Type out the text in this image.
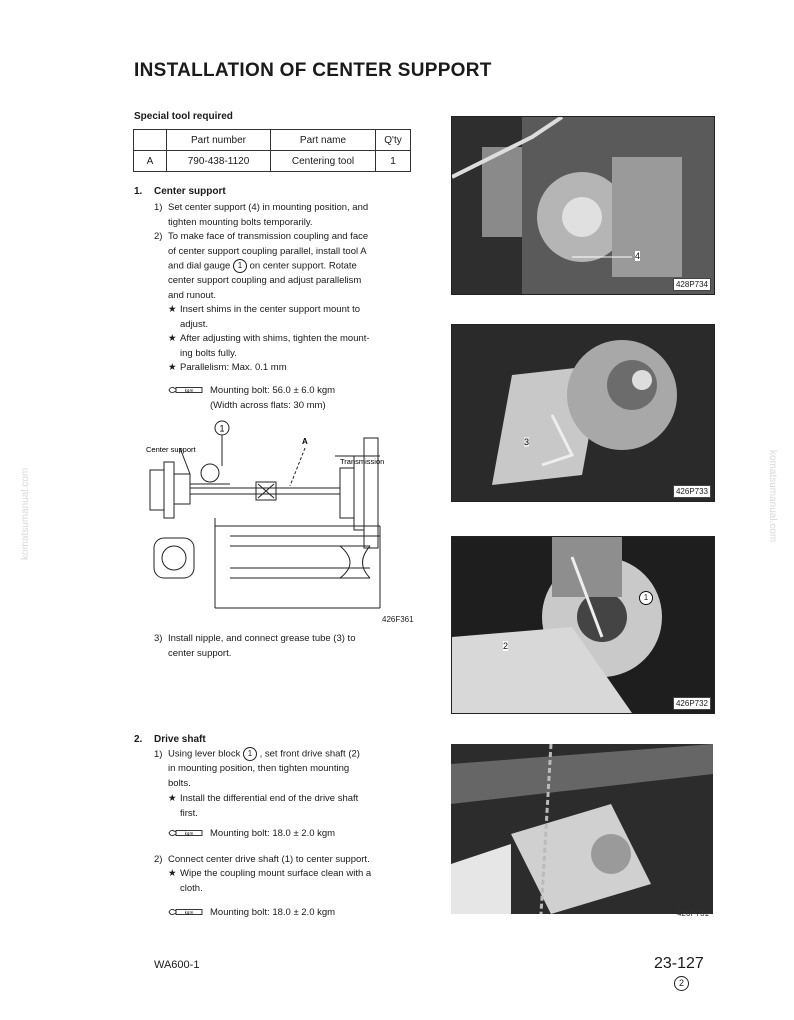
komatsumanual.com	komatsumanual.com
INSTALLATION OF CENTER SUPPORT
Special tool required
	Part number	Part name	Q'ty
A	790-438-1120	Centering tool	1
1. Center support
1) Set center support (4) in mounting position, and
tighten mounting bolts temporarily.
2) To make face of transmission coupling and face
of center support coupling parallel, install tool A
and dial gauge 1 on center support. Rotate
center support coupling and adjust parallelism
and runout.
★ Insert shims in the center support mount to
adjust.
★ After adjusting with shims, tighten the mount-
ing bolts fully.
★ Parallelism: Max. 0.1 mm
kgm Mounting bolt: 56.0 ± 6.0 kgm
(Width across flats: 30 mm)
1
Center support
A
Transmission
426F361
3) Install nipple, and connect grease tube (3) to
center support.
2. Drive shaft
1) Using lever block 1 , set front drive shaft (2)
in mounting position, then tighten mounting
bolts.
★ Install the differential end of the drive shaft
first.
kgm Mounting bolt: 18.0 ± 2.0 kgm
2) Connect center drive shaft (1) to center support.
★ Wipe the coupling mount surface clean with a
cloth.
kgm Mounting bolt: 18.0 ± 2.0 kgm
4
428P734
3
426P733
1
2
426P732
426P731
WA600-1	23-127
2
